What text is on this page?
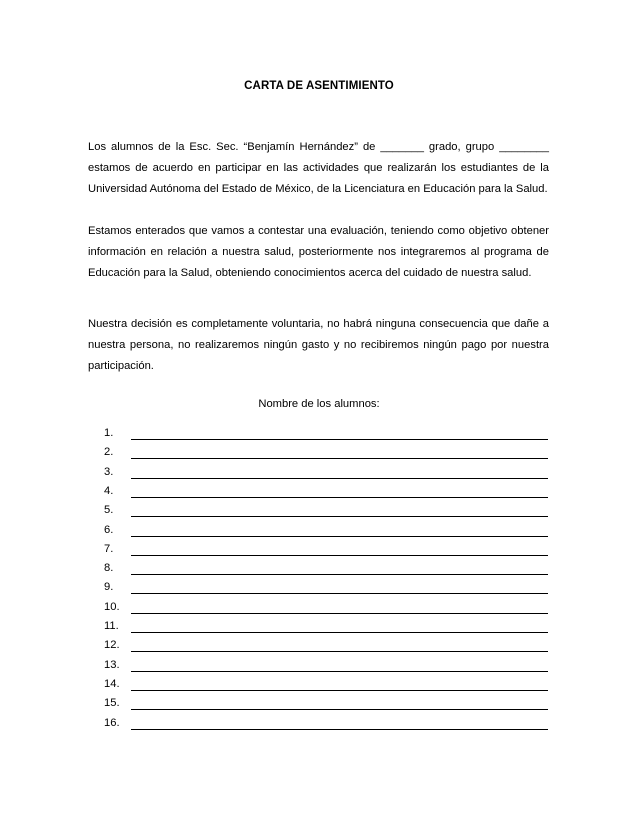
CARTA DE ASENTIMIENTO

Los alumnos de la Esc. Sec. “Benjamín Hernández” de _______ grado, grupo ________ estamos de acuerdo en participar en las actividades que realizarán los estudiantes de la Universidad Autónoma del Estado de México, de la Licenciatura en Educación para la Salud.

Estamos enterados que vamos a contestar una evaluación, teniendo como objetivo obtener información en relación a nuestra salud, posteriormente nos integraremos al programa de Educación para la Salud, obteniendo conocimientos acerca del cuidado de nuestra salud.

Nuestra decisión es completamente voluntaria, no habrá ninguna consecuencia que dañe a nuestra persona, no realizaremos ningún gasto y no recibiremos ningún pago por nuestra participación.

Nombre de los alumnos:
1.
2.
3.
4.
5.
6.
7.
8.
9.
10.
11.
12.
13.
14.
15.
16.
